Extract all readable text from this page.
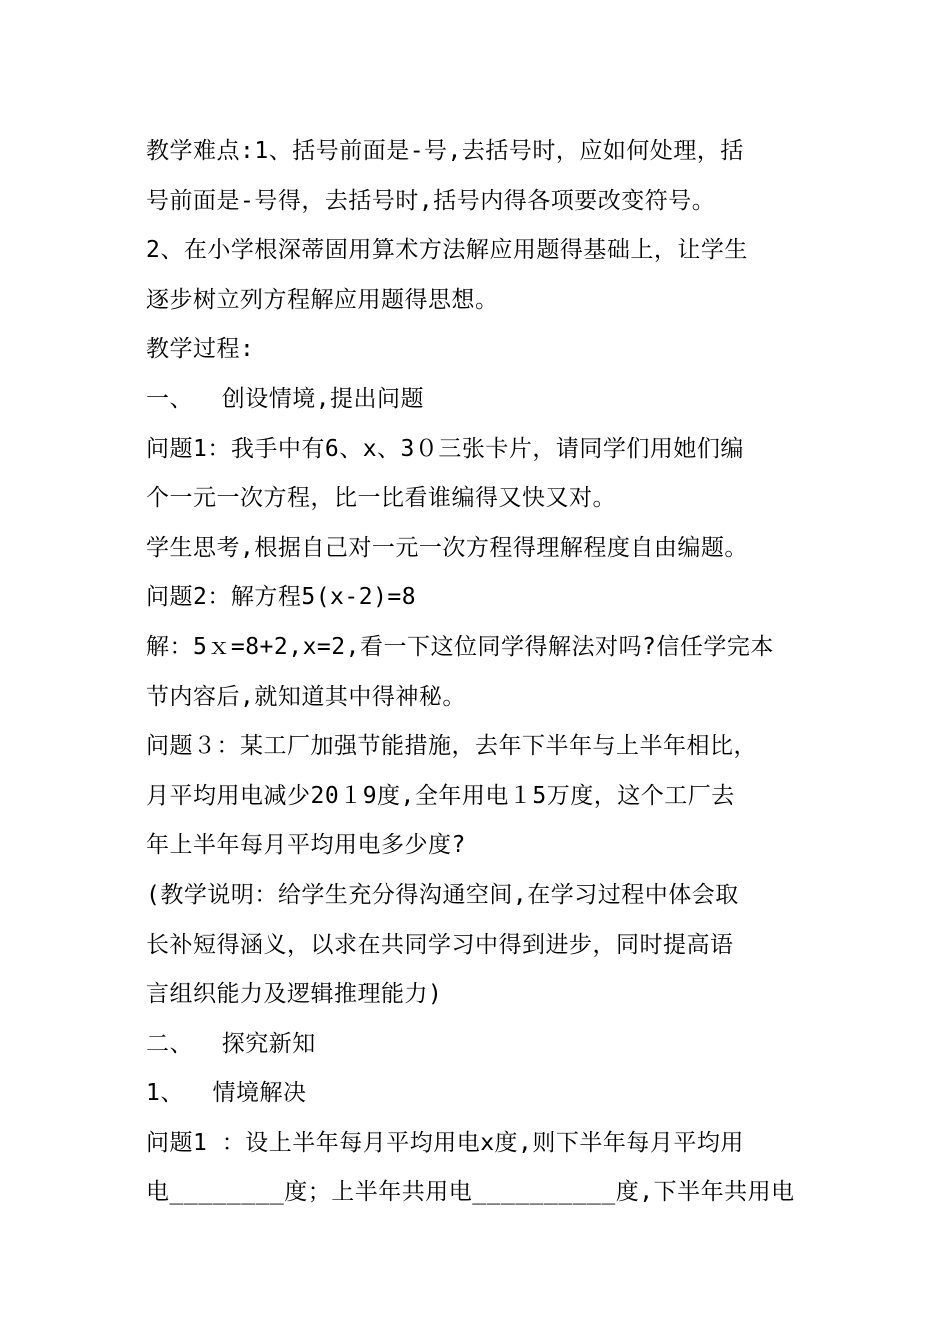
教学难点:1、括号前面是-号,去括号时，应如何处理，括
号前面是-号得，去括号时,括号内得各项要改变符号。
2、在小学根深蒂固用算术方法解应用题得基础上，让学生
逐步树立列方程解应用题得思想。
教学过程:
一、  创设情境,提出问题
问题1：我手中有6、x、3０三张卡片，请同学们用她们编
个一元一次方程，比一比看谁编得又快又对。
学生思考,根据自己对一元一次方程得理解程度自由编题。
问题2：解方程5(x-2)=8
解：5ｘ=8+2,x=2,看一下这位同学得解法对吗?信任学完本
节内容后,就知道其中得神秘。
问题３：某工厂加强节能措施，去年下半年与上半年相比，
月平均用电减少20１9度,全年用电１5万度，这个工厂去
年上半年每月平均用电多少度?
(教学说明：给学生充分得沟通空间,在学习过程中体会取
长补短得涵义，以求在共同学习中得到进步，同时提高语
言组织能力及逻辑推理能力)
二、  探究新知
1、  情境解决
问题1 ：设上半年每月平均用电x度,则下半年每月平均用
电________度；上半年共用电__________度,下半年共用电
